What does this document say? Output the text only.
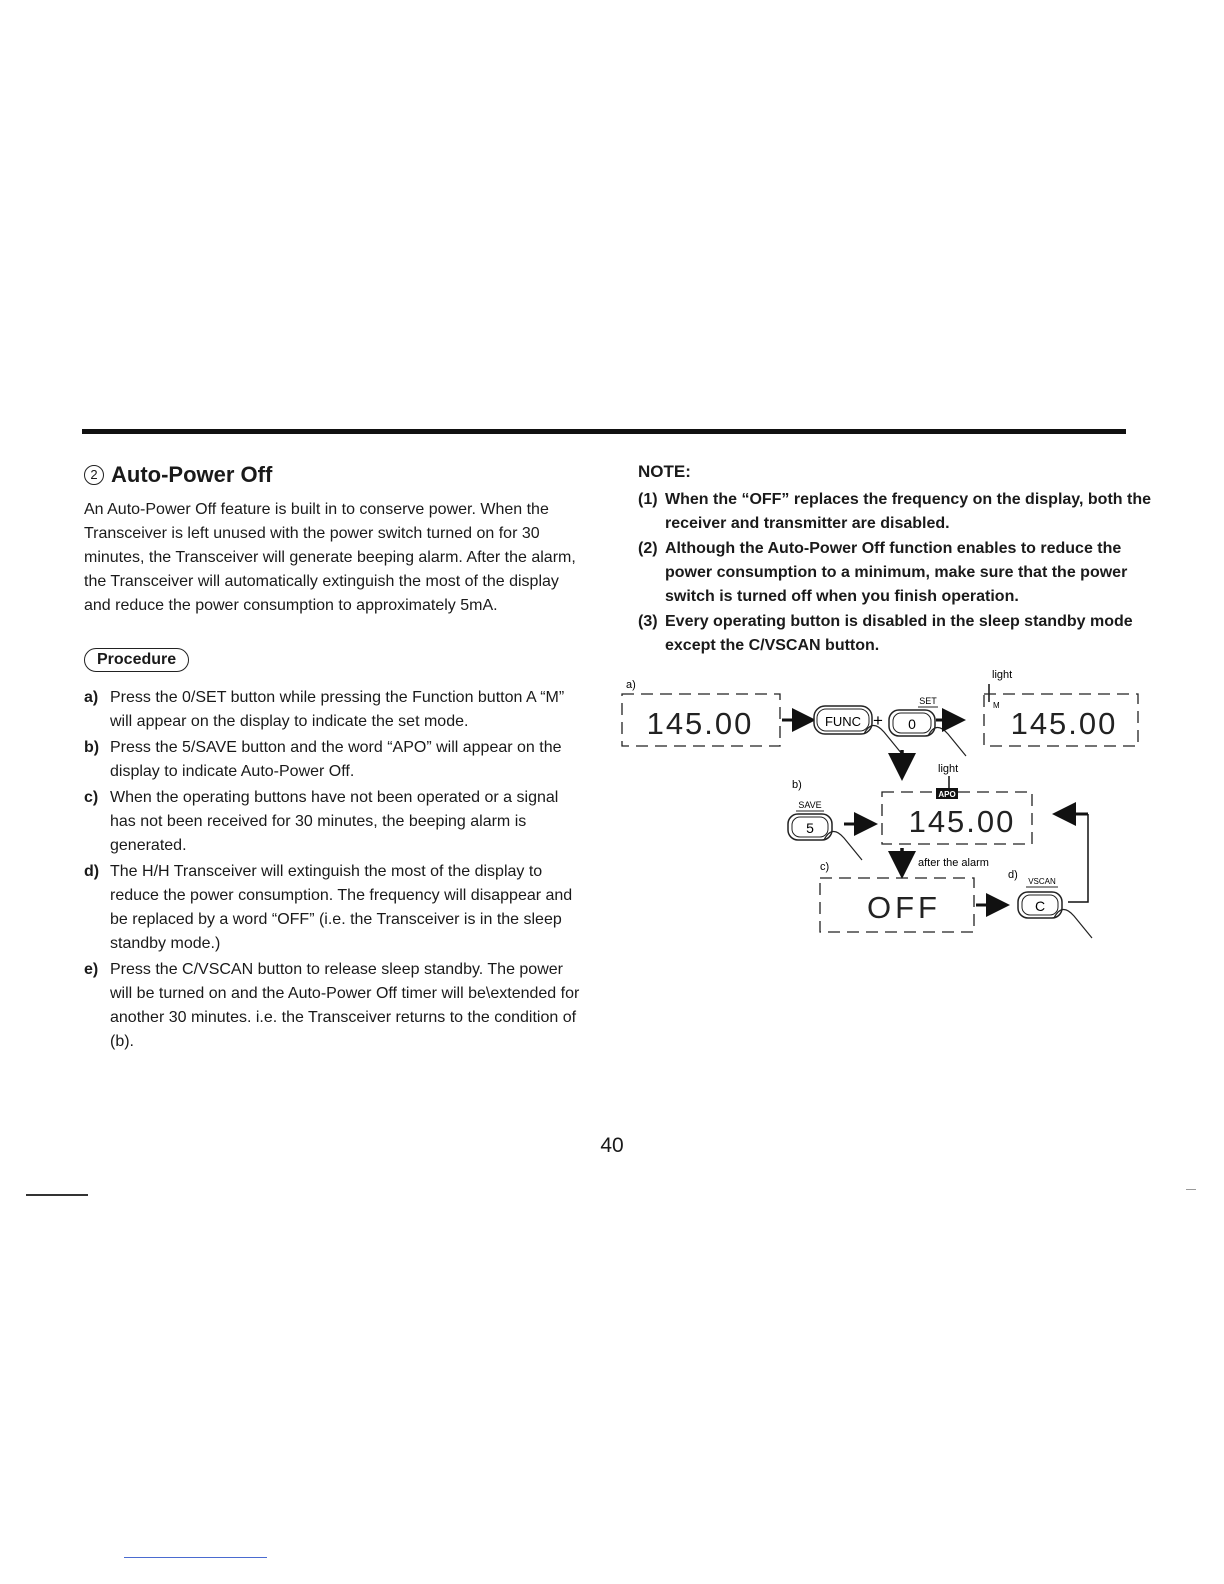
2 Auto-Power Off

An Auto-Power Off feature is built in to conserve power. When the Transceiver is left unused with the power switch turned on for 30 minutes, the Transceiver will generate beeping alarm. After the alarm, the Transceiver will automatically extinguish the most of the display and reduce the power consumption to approximately 5mA.

Procedure
a) Press the 0/SET button while pressing the Function button A “M” will appear on the display to indicate the set mode.
b) Press the 5/SAVE button and the word “APO” will appear on the display to indicate Auto-Power Off.
c) When the operating buttons have not been operated or a signal has not been received for 30 minutes, the beeping alarm is generated.
d) The H/H Transceiver will extinguish the most of the display to reduce the power consumption. The frequency will disappear and be replaced by a word “OFF” (i.e. the Transceiver is in the sleep standby mode.)
e) Press the C/VSCAN button to release sleep standby. The power will be turned on and the Auto-Power Off timer will be\extended for another 30 minutes. i.e. the Transceiver returns to the condition of (b).
NOTE:
(1) When the “OFF” replaces the frequency on the display, both the receiver and transmitter are disabled.
(2) Although the Auto-Power Off function enables to reduce the power consumption to a minimum, make sure that the power switch is turned off when you finish operation.
(3) Every operating button is disabled in the sleep standby mode except the C/VSCAN button.
a)
145.00	FUNC +
SET
0
light
M
145.00
b)
light
APO
145.00
SAVE
5
after the alarm
c)
OFF
d)
VSCAN
C
40
